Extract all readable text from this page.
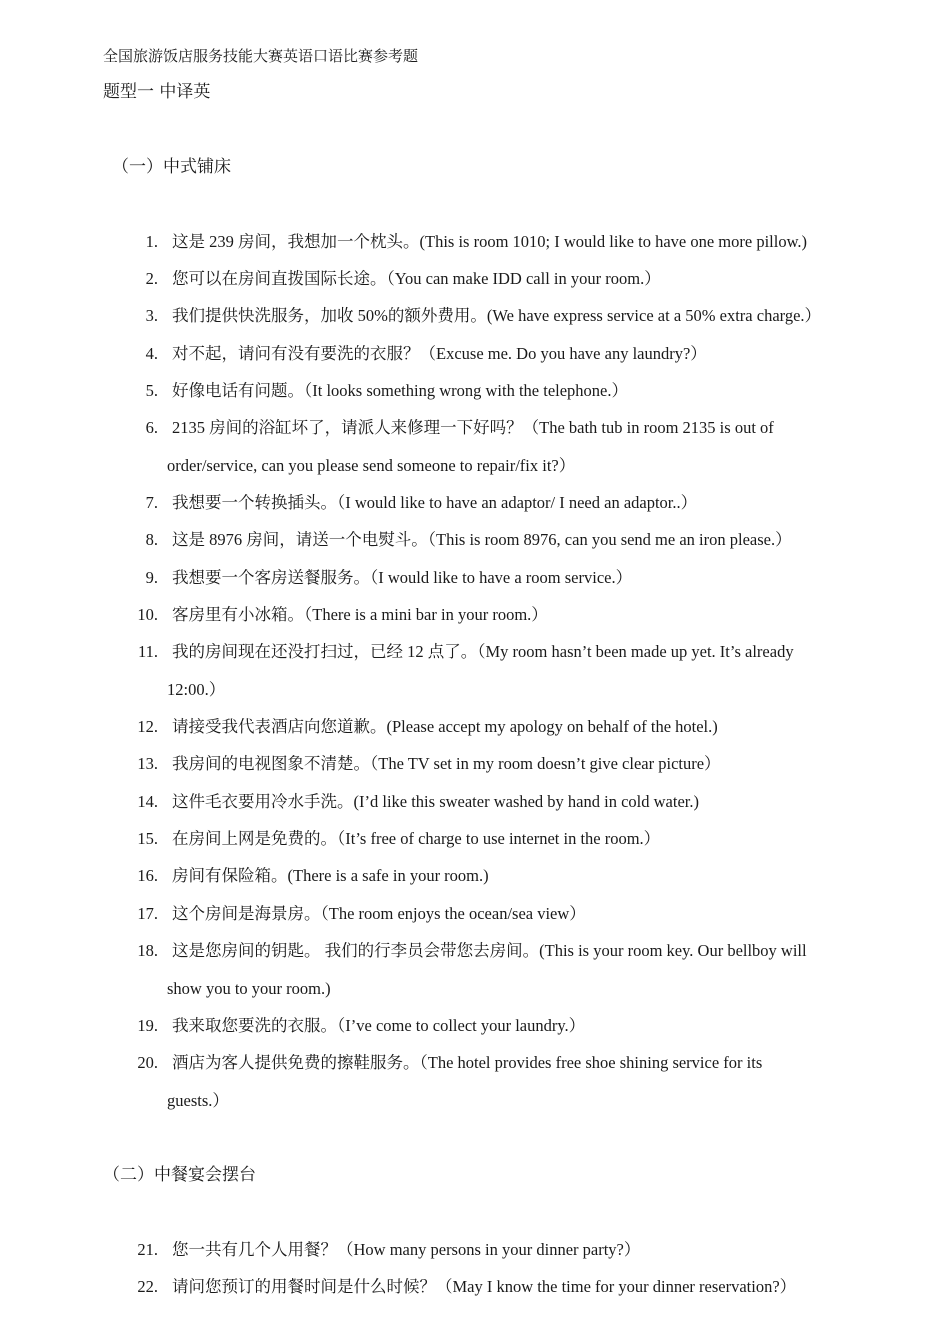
全国旅游饭店服务技能大赛英语口语比赛参考题
题型一 中译英
（一）中式铺床
1. 这是 239 房间，我想加一个枕头。(This is room 1010; I would like to have one more pillow.)
2. 您可以在房间直拨国际长途。（You can make IDD call in your room.）
3. 我们提供快洗服务，加收 50%的额外费用。(We have express service at a 50% extra charge.）
4. 对不起，请问有没有要洗的衣服？（Excuse me. Do you have any laundry?）
5. 好像电话有问题。（It looks something wrong with the telephone.）
6. 2135 房间的浴缸坏了，请派人来修理一下好吗？（The bath tub in room 2135 is out of
order/service, can you please send someone to repair/fix it?）
7. 我想要一个转换插头。（I would like to have an adaptor/ I need an adaptor..）
8. 这是 8976 房间，请送一个电熨斗。（This is room 8976, can you send me an iron please.）
9. 我想要一个客房送餐服务。（I would like to have a room service.）
10. 客房里有小冰箱。（There is a mini bar in your room.）
11. 我的房间现在还没打扫过，已经 12 点了。（My room hasn’t been made up yet. It’s already
12:00.）
12. 请接受我代表酒店向您道歉。(Please accept my apology on behalf of the hotel.)
13. 我房间的电视图象不清楚。（The TV set in my room doesn’t give clear picture）
14. 这件毛衣要用冷水手洗。(I’d like this sweater washed by hand in cold water.)
15. 在房间上网是免费的。（It’s free of charge to use internet in the room.）
16. 房间有保险箱。(There is a safe in your room.)
17. 这个房间是海景房。（The room enjoys the ocean/sea view）
18. 这是您房间的钥匙。 我们的行李员会带您去房间。(This is your room key. Our bellboy will
show you to your room.)
19. 我来取您要洗的衣服。（I’ve come to collect your laundry.）
20. 酒店为客人提供免费的擦鞋服务。（The hotel provides free shoe shining service for its
guests.）
（二）中餐宴会摆台
21. 您一共有几个人用餐？（How many persons in your dinner party?）
22. 请问您预订的用餐时间是什么时候？（May I know the time for your dinner reservation?）
